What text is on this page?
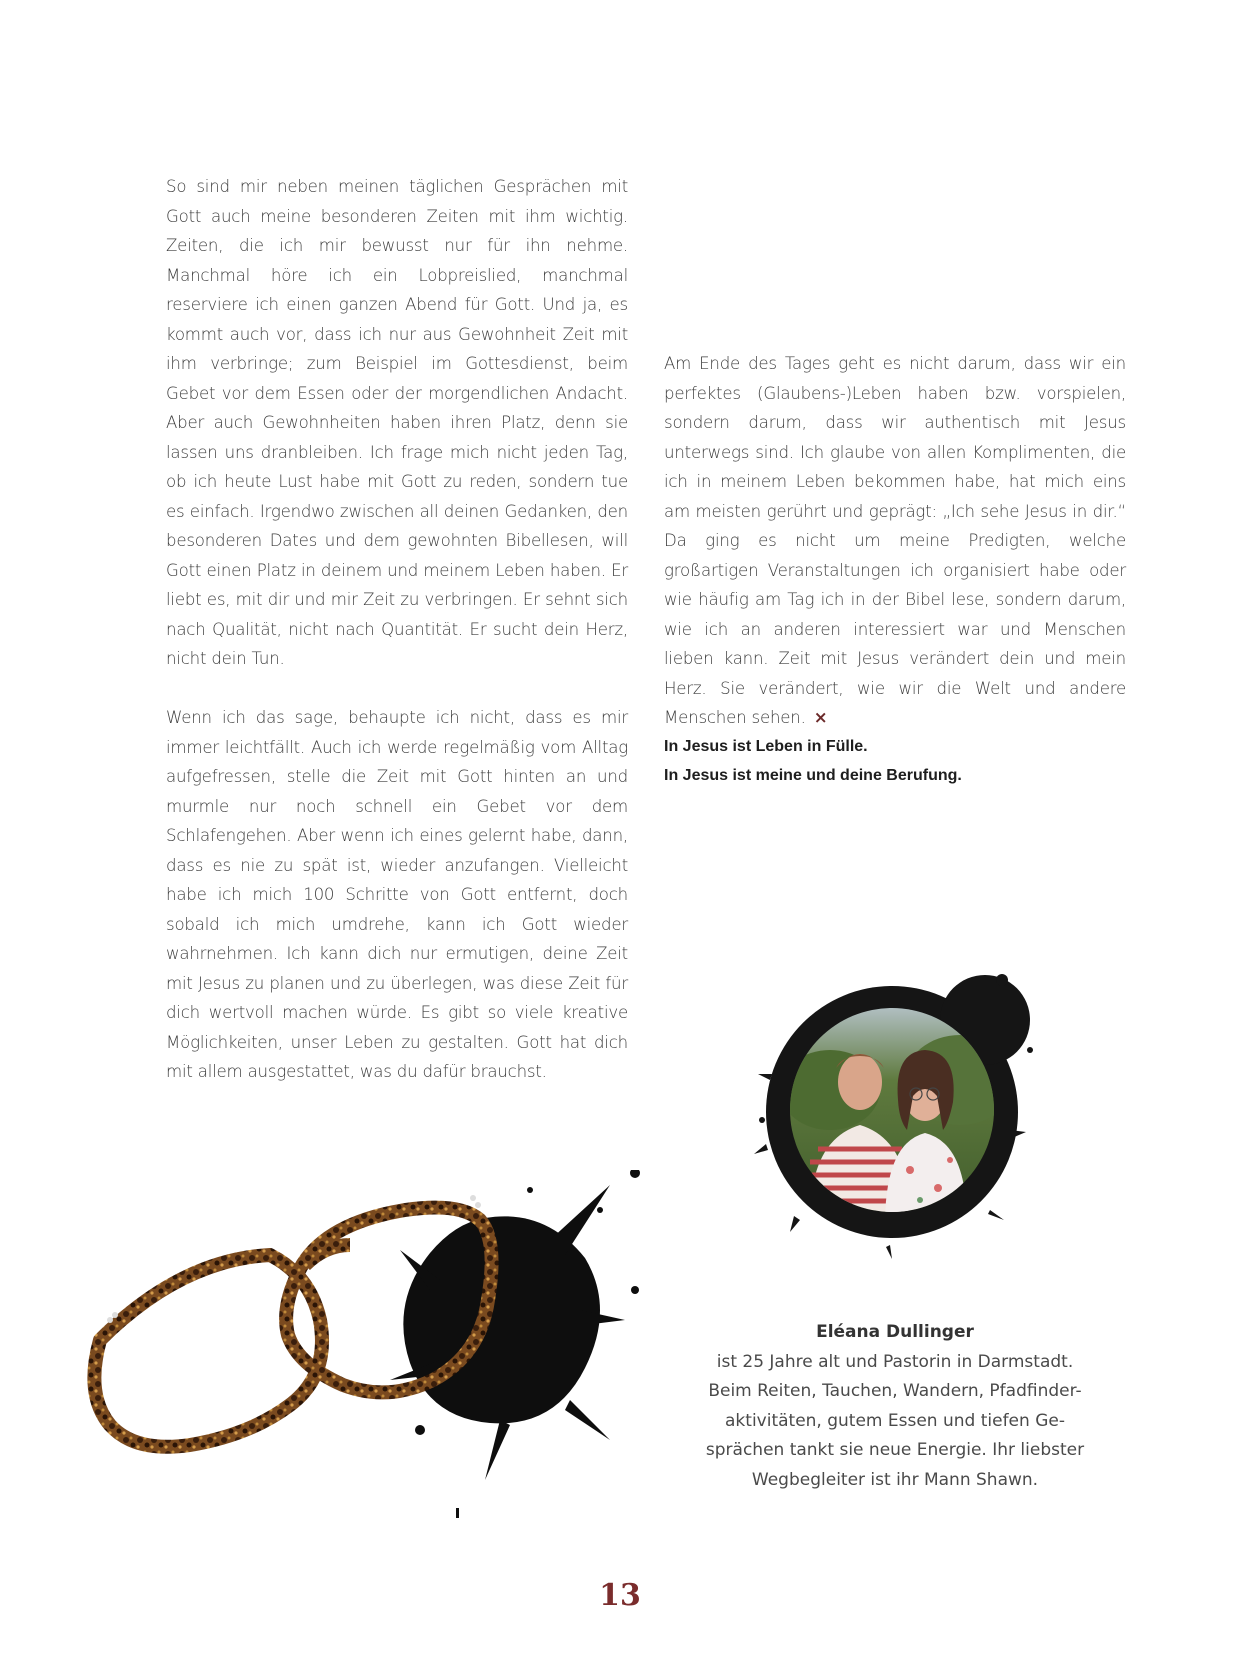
So sind mir neben meinen täglichen Gesprächen mit Gott auch meine besonderen Zeiten mit ihm wichtig. Zeiten, die ich mir bewusst nur für ihn nehme. Manchmal höre ich ein Lobpreislied, manchmal reserviere ich einen ganzen Abend für Gott. Und ja, es kommt auch vor, dass ich nur aus Gewohnheit Zeit mit ihm verbringe; zum Beispiel im Gottesdienst, beim Gebet vor dem Essen oder der morgendlichen Andacht. Aber auch Gewohnheiten haben ihren Platz, denn sie lassen uns dranbleiben. Ich frage mich nicht jeden Tag, ob ich heute Lust habe mit Gott zu reden, sondern tue es einfach. Irgendwo zwischen all deinen Gedanken, den besonderen Dates und dem gewohnten Bibellesen, will Gott einen Platz in deinem und meinem Leben haben. Er liebt es, mit dir und mir Zeit zu verbringen. Er sehnt sich nach Qualität, nicht nach Quantität. Er sucht dein Herz, nicht dein Tun.

Wenn ich das sage, behaupte ich nicht, dass es mir immer leichtfällt. Auch ich werde regelmäßig vom Alltag aufgefressen, stelle die Zeit mit Gott hinten an und murmle nur noch schnell ein Gebet vor dem Schlafengehen. Aber wenn ich eines gelernt habe, dann, dass es nie zu spät ist, wieder anzufangen. Vielleicht habe ich mich 100 Schritte von Gott entfernt, doch sobald ich mich umdrehe, kann ich Gott wieder wahrnehmen. Ich kann dich nur ermutigen, deine Zeit mit Jesus zu planen und zu überlegen, was diese Zeit für dich wertvoll machen würde. Es gibt so viele kreative Möglichkeiten, unser Leben zu gestalten. Gott hat dich mit allem ausgestattet, was du dafür brauchst.

Am Ende des Tages geht es nicht darum, dass wir ein perfektes (Glaubens-)Leben haben bzw. vorspielen, sondern darum, dass wir authentisch mit Jesus unterwegs sind. Ich glaube von allen Komplimenten, die ich in meinem Leben bekommen habe, hat mich eins am meisten gerührt und geprägt: „Ich sehe Jesus in dir.“ Da ging es nicht um meine Predigten, welche großartigen Veranstaltungen ich organisiert habe oder wie häufig am Tag ich in der Bibel lese, sondern darum, wie ich an anderen interessiert war und Menschen lieben kann. Zeit mit Jesus verändert dein und mein Herz. Sie verändert, wie wir die Welt und andere Menschen sehen. ×

In Jesus ist Leben in Fülle.
In Jesus ist meine und deine Berufung.
Eléana Dullinger
ist 25 Jahre alt und Pastorin in Darmstadt.
Beim Reiten, Tauchen, Wandern, Pfadfinder-
aktivitäten, gutem Essen und tiefen Ge-
sprächen tankt sie neue Energie. Ihr liebster
Wegbegleiter ist ihr Mann Shawn.
13
